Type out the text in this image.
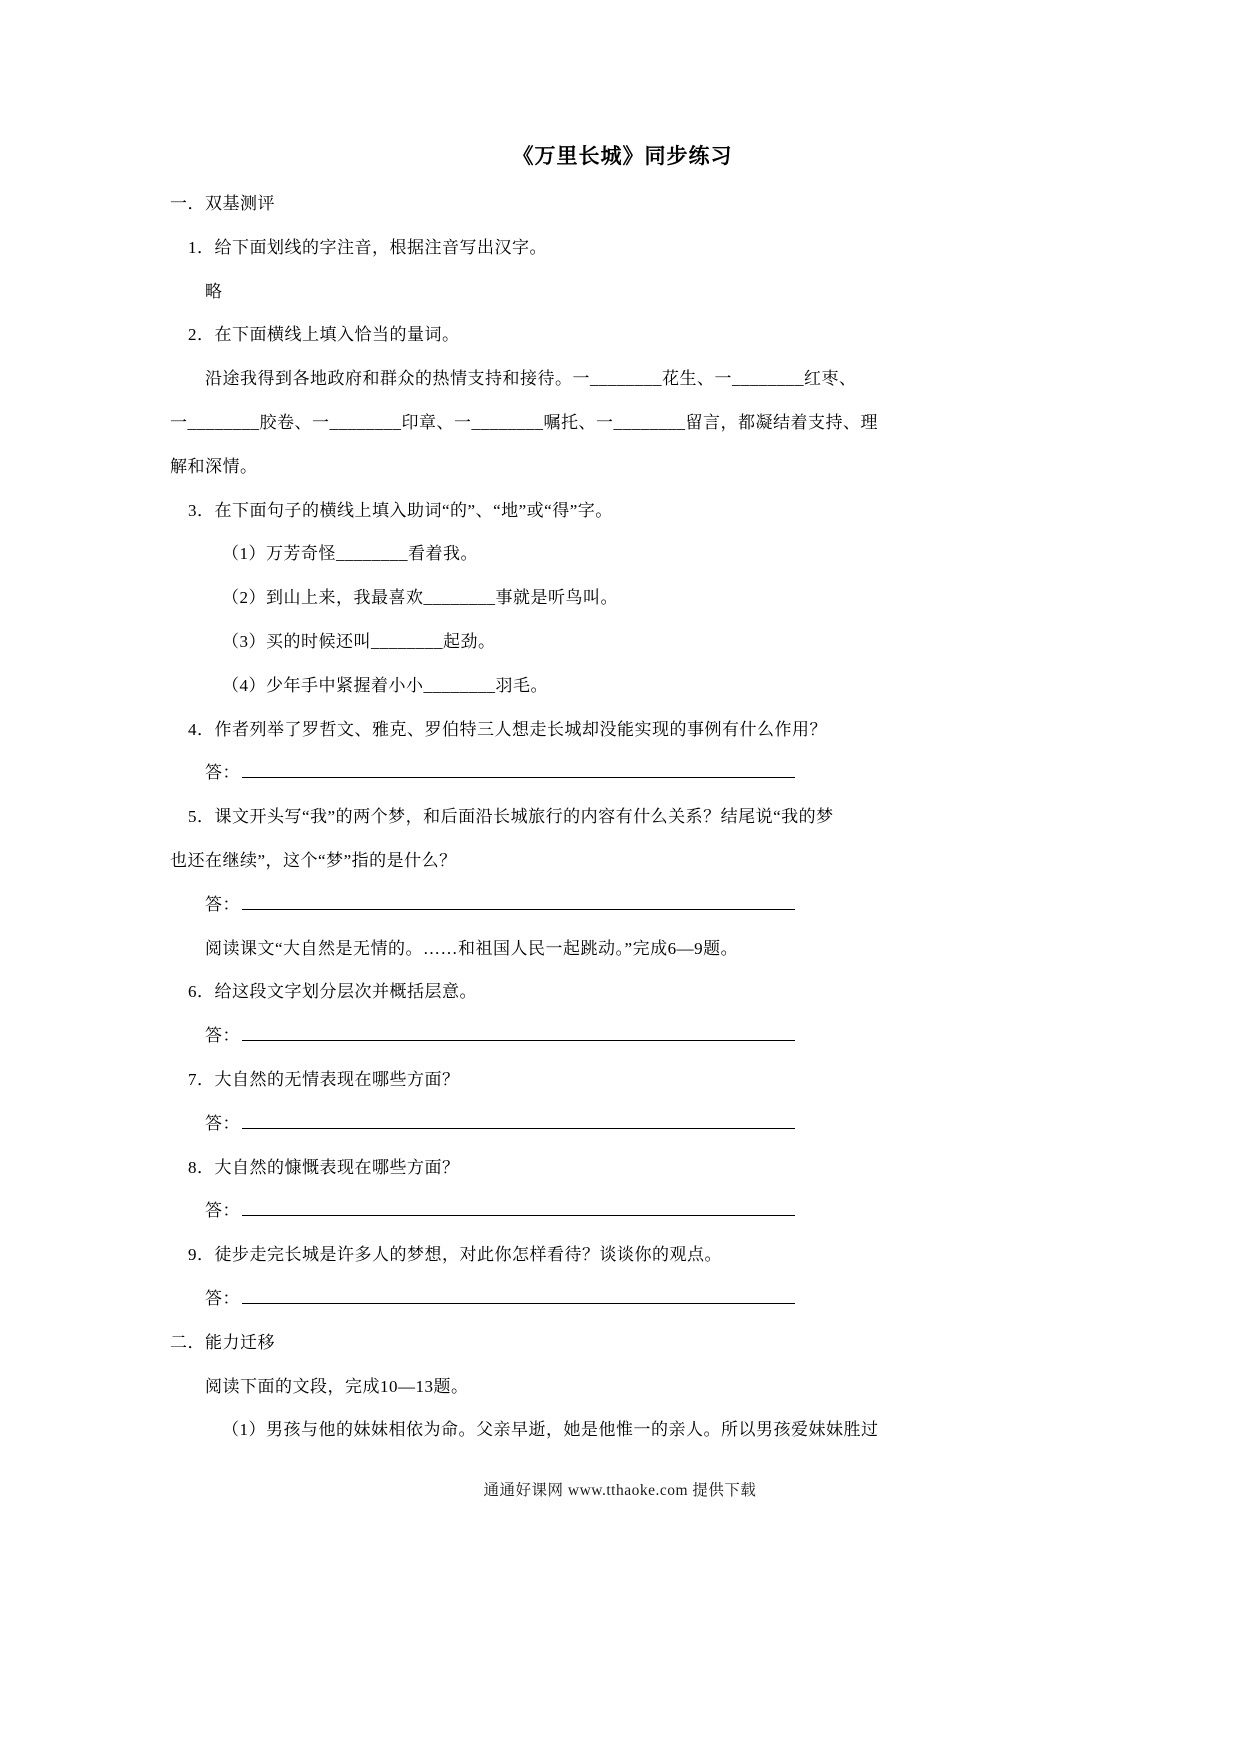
《万里长城》同步练习
一．双基测评
1．给下面划线的字注音，根据注音写出汉字。
略
2．在下面横线上填入恰当的量词。
沿途我得到各地政府和群众的热情支持和接待。一________花生、一________红枣、
一________胶卷、一________印章、一________嘱托、一________留言，都凝结着支持、理
解和深情。
3．在下面句子的横线上填入助词“的”、“地”或“得”字。
（1）万芳奇怪________看着我。
（2）到山上来，我最喜欢________事就是听鸟叫。
（3）买的时候还叫________起劲。
（4）少年手中紧握着小小________羽毛。
4．作者列举了罗哲文、雅克、罗伯特三人想走长城却没能实现的事例有什么作用？
答：
5．课文开头写“我”的两个梦，和后面沿长城旅行的内容有什么关系？结尾说“我的梦
也还在继续”，这个“梦”指的是什么？
答：
阅读课文“大自然是无情的。……和祖国人民一起跳动。”完成6—9题。
6．给这段文字划分层次并概括层意。
答：
7．大自然的无情表现在哪些方面？
答：
8．大自然的慷慨表现在哪些方面？
答：
9．徒步走完长城是许多人的梦想，对此你怎样看待？谈谈你的观点。
答：
二．能力迁移
阅读下面的文段，完成10—13题。
（1）男孩与他的妹妹相依为命。父亲早逝，她是他惟一的亲人。所以男孩爱妹妹胜过
通通好课网 www.tthaoke.com 提供下载
